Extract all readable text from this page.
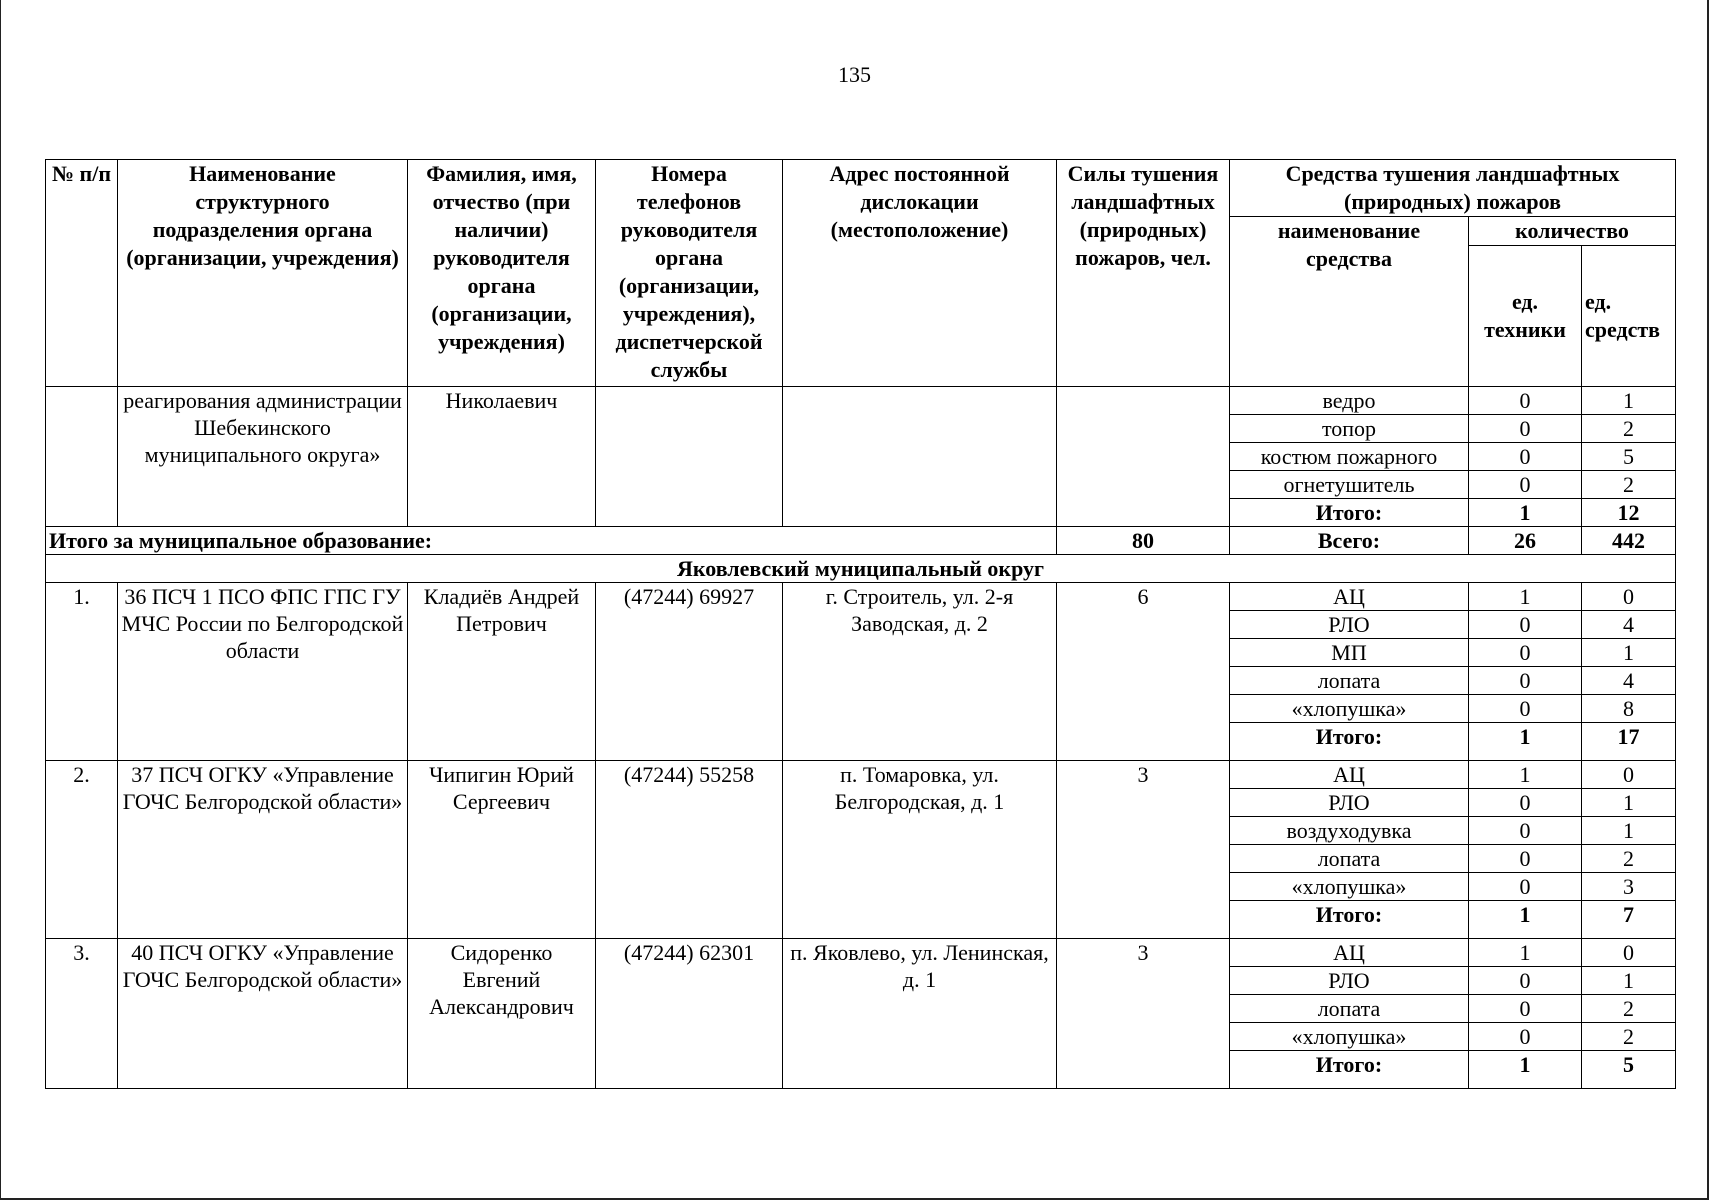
135
№ п/п	Наименование структурного подразделения органа (организации, учреждения)	Фамилия, имя, отчество (при наличии) руководителя органа (организации, учреждения)	Номера телефонов руководителя органа (организации, учреждения), диспетчерской службы	Адрес постоянной дислокации (местоположение)	Силы тушения ландшафтных (природных) пожаров, чел.	Средства тушения ландшафтных (природных) пожаров		
						наименование средства	количество	
							ед. техники	ед. средств
	реагирования администрации Шебекинского муниципального округа»	Николаевич				ведро	0	1
						топор	0	2
						костюм пожарного	0	5
						огнетушитель	0	2
						Итого:	1	12
Итого за муниципальное образование:					80	Всего:	26	442
Яковлевский муниципальный округ								
1.	36 ПСЧ 1 ПСО ФПС ГПС ГУ МЧС России по Белгородской области	Кладиёв Андрей Петрович	(47244) 69927	г. Строитель, ул. 2-я Заводская, д. 2	6	АЦ	1	0
						РЛО	0	4
						МП	0	1
						лопата	0	4
						«хлопушка»	0	8
						Итого:	1	17
2.	37 ПСЧ ОГКУ «Управление ГОЧС Белгородской области»	Чипигин Юрий Сергеевич	(47244) 55258	п. Томаровка, ул. Белгородская, д. 1	3	АЦ	1	0
						РЛО	0	1
						воздуходувка	0	1
						лопата	0	2
						«хлопушка»	0	3
						Итого:	1	7
3.	40 ПСЧ ОГКУ «Управление ГОЧС Белгородской области»	Сидоренко Евгений Александрович	(47244) 62301	п. Яковлево, ул. Ленинская, д. 1	3	АЦ	1	0
						РЛО	0	1
						лопата	0	2
						«хлопушка»	0	2
						Итого:	1	5
